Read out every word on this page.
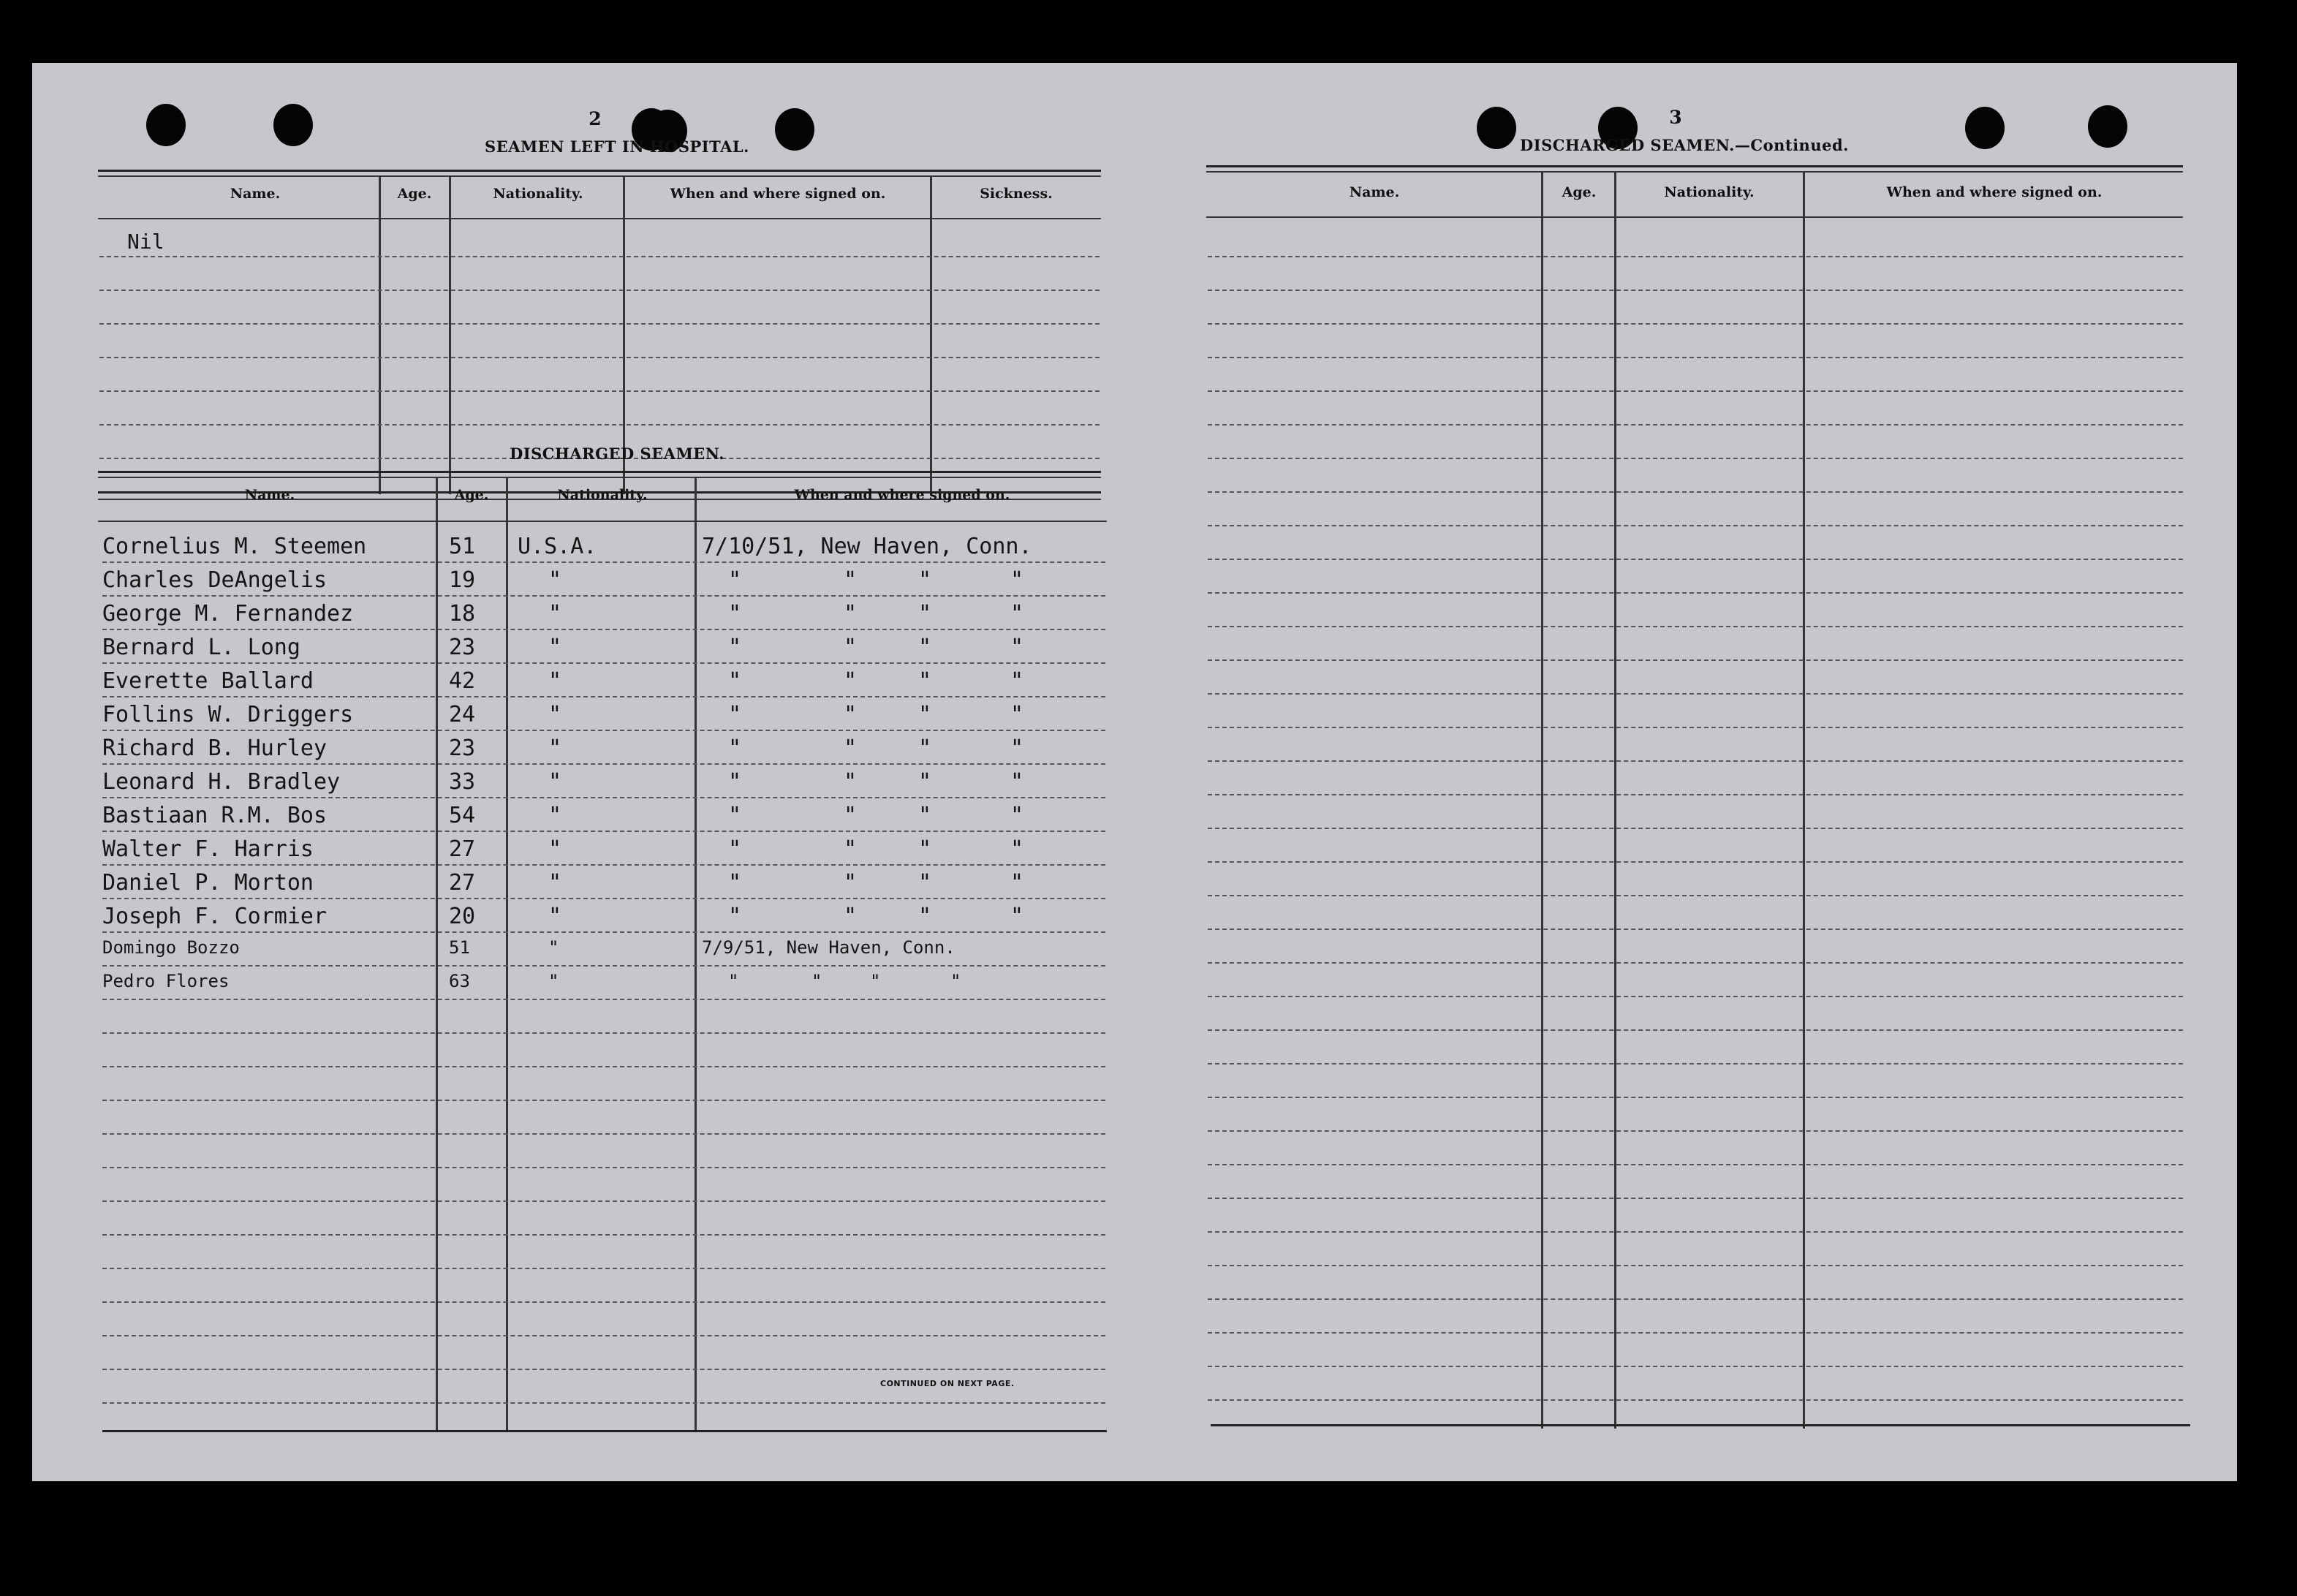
2
SEAMEN LEFT IN HOSPITAL.
Name.	Age.	Nationality.	When and where signed on.	Sickness.
Nil
DISCHARGED SEAMEN.
Name.	Age.	Nationality.	When and where signed on.
Cornelius M. Steemen	51 U.S.A.	7/10/51, New Haven, Conn.
Charles DeAngelis	19	"	"	"	"	"
George M. Fernandez	18	"	"	"	"	"
Bernard L. Long	23	"	"	"	"	"
Everette Ballard	42	"	"	"	"	"
Follins W. Driggers	24	"	"	"	"	"
Richard B. Hurley	23	"	"	"	"	"
Leonard H. Bradley	33	"	"	"	"	"
Bastiaan R.M. Bos	54	"	"	"	"	"
Walter F. Harris	27	"	"	"	"	"
Daniel P. Morton	27	"	"	"	"	"
Joseph F. Cormier	20	"	"	"	"	"
Domingo Bozzo	51	"	7/9/51, New Haven, Conn.
Pedro Flores	63	"	"	"	"	"
CONTINUED ON NEXT PAGE.
3
DISCHARGED SEAMEN.—Continued.
Name.	Age.	Nationality.	When and where signed on.
